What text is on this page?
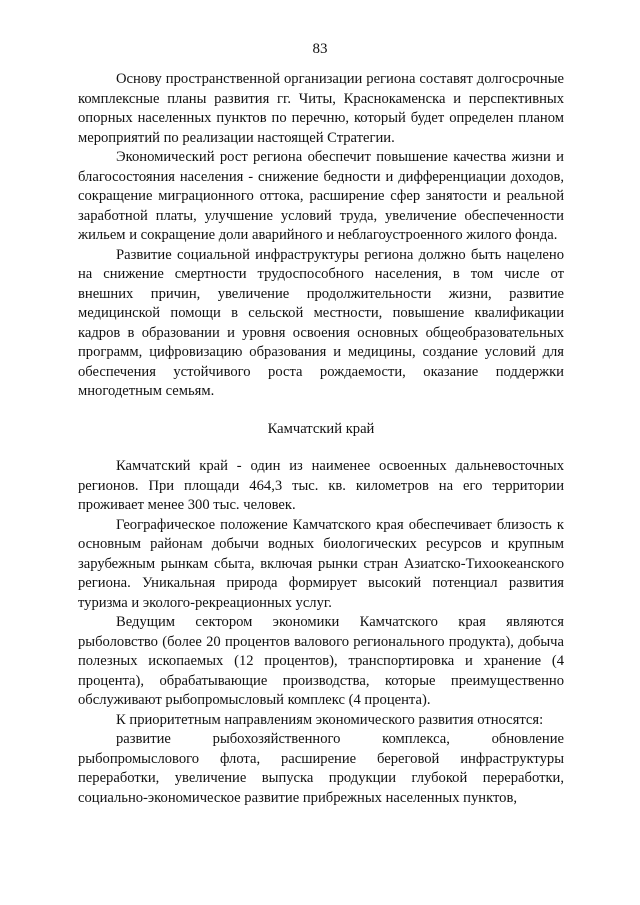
83

Основу пространственной организации региона составят долгосрочные комплексные планы развития гг. Читы, Краснокаменска и перспективных опорных населенных пунктов по перечню, который будет определен планом мероприятий по реализации настоящей Стратегии.

Экономический рост региона обеспечит повышение качества жизни и благосостояния населения - снижение бедности и дифференциации доходов, сокращение миграционного оттока, расширение сфер занятости и реальной заработной платы, улучшение условий труда, увеличение обеспеченности жильем и сокращение доли аварийного и неблагоустроенного жилого фонда.

Развитие социальной инфраструктуры региона должно быть нацелено на снижение смертности трудоспособного населения, в том числе от внешних причин, увеличение продолжительности жизни, развитие медицинской помощи в сельской местности, повышение квалификации кадров в образовании и уровня освоения основных общеобразовательных программ, цифровизацию образования и медицины, создание условий для обеспечения устойчивого роста рождаемости, оказание поддержки многодетным семьям.

Камчатский край

Камчатский край - один из наименее освоенных дальневосточных регионов. При площади 464,3 тыс. кв. километров на его территории проживает менее 300 тыс. человек.

Географическое положение Камчатского края обеспечивает близость к основным районам добычи водных биологических ресурсов и крупным зарубежным рынкам сбыта, включая рынки стран Азиатско-Тихоокеанского региона. Уникальная природа формирует высокий потенциал развития туризма и эколого-рекреационных услуг.

Ведущим сектором экономики Камчатского края являются рыболовство (более 20 процентов валового регионального продукта), добыча полезных ископаемых (12 процентов), транспортировка и хранение (4 процента), обрабатывающие производства, которые преимущественно обслуживают рыбопромысловый комплекс (4 процента).

К приоритетным направлениям экономического развития относятся:

развитие рыбохозяйственного комплекса, обновление рыбопромыслового флота, расширение береговой инфраструктуры переработки, увеличение выпуска продукции глубокой переработки, социально-экономическое развитие прибрежных населенных пунктов,
